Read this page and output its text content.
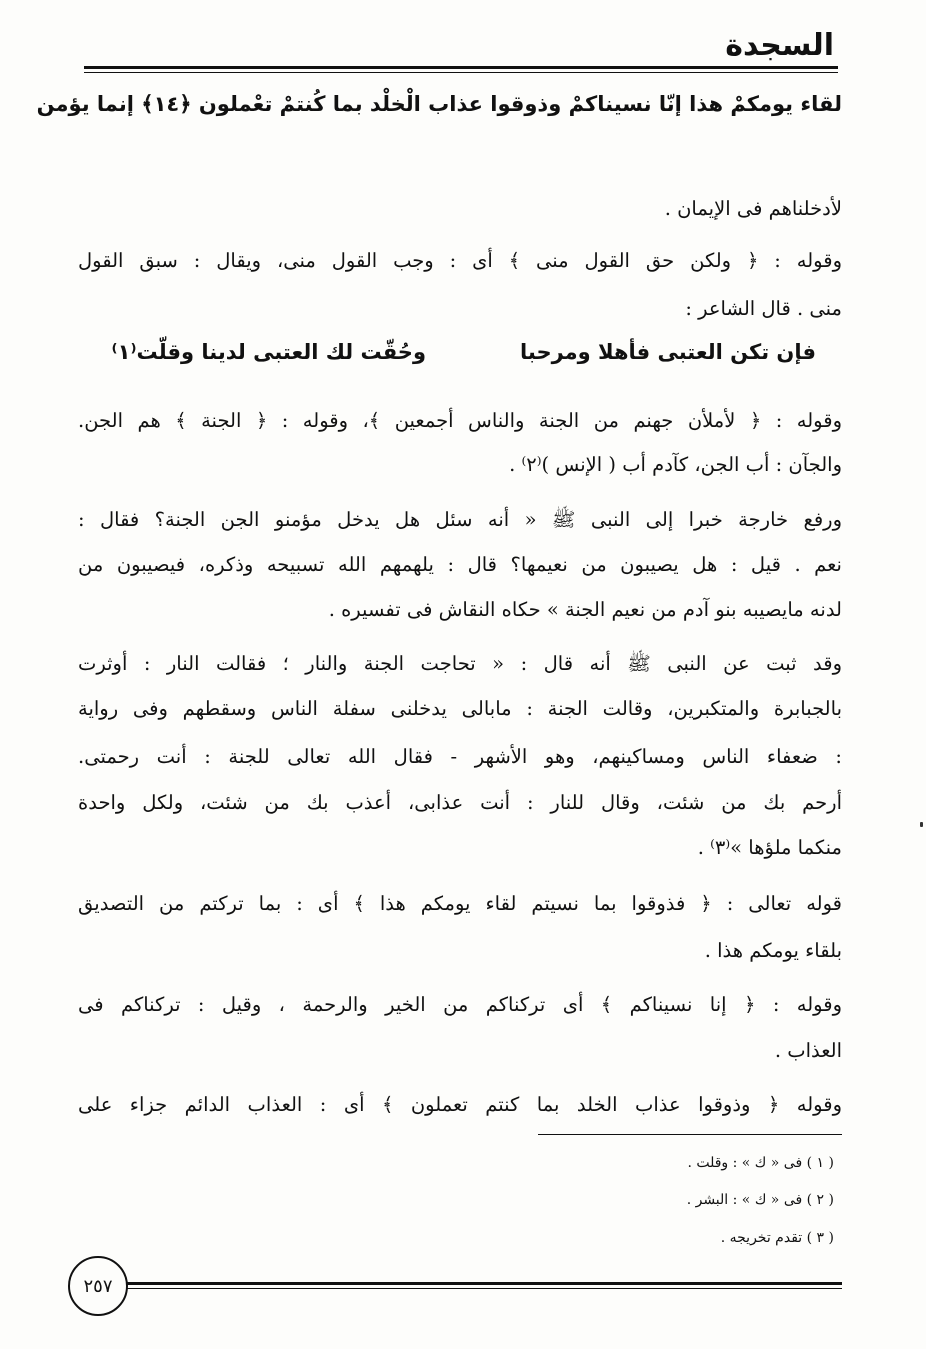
السجدة
لقاء يومكمْ هذا إنّا نسيناكمْ وذوقوا عذاب الْخلْد بما كُنتمْ تعْملون ﴿١٤﴾ إنما يؤمن
لأدخلناهم فى الإيمان .
وقوله : ﴿ ولكن حق القول منى ﴾ أى : وجب القول منى، ويقال : سبق القول
منى . قال الشاعر :
فإن تكن العتبى فأهلا ومرحبا
وحُقّت لك العتبى لدينا وقلّت⁽١⁾
وقوله : ﴿ لأملأن جهنم من الجنة والناس أجمعين ﴾، وقوله : ﴿ الجنة ﴾ هم الجن.
والجآن : أب الجن، كآدم أب ( الإنس )⁽٢⁾ .
ورفع خارجة خبرا إلى النبى ﷺ « أنه سئل هل يدخل مؤمنو الجن الجنة؟ فقال :
نعم . قيل : هل يصيبون من نعيمها؟ قال : يلهمهم الله تسبيحه وذكره، فيصيبون من
لدنه مايصيبه بنو آدم من نعيم الجنة » حكاه النقاش فى تفسيره .
وقد ثبت عن النبى ﷺ أنه قال : « تحاجت الجنة والنار ؛ فقالت النار : أوثرت
بالجبابرة والمتكبرين، وقالت الجنة : مابالى يدخلنى سفلة الناس وسقطهم وفى رواية
: ضعفاء الناس ومساكينهم، وهو الأشهر - فقال الله تعالى للجنة : أنت رحمتى.
أرحم بك من شئت، وقال للنار : أنت عذابى، أعذب بك من شئت، ولكل واحدة
منكما ملؤها »⁽٣⁾ .
قوله تعالى : ﴿ فذوقوا بما نسيتم لقاء يومكم هذا ﴾ أى : بما تركتم من التصديق
بلقاء يومكم هذا .
وقوله : ﴿ إنا نسيناكم ﴾ أى تركناكم من الخير والرحمة ، وقيل : تركناكم فى
العذاب .
وقوله ﴿ وذوقوا عذاب الخلد بما كنتم تعملون ﴾ أى : العذاب الدائم جزاء على
( ١ ) فى « ك » : وقلت .
( ٢ ) فى « ك » : البشر .
( ٣ ) تقدم تخريجه .
٢٥٧
